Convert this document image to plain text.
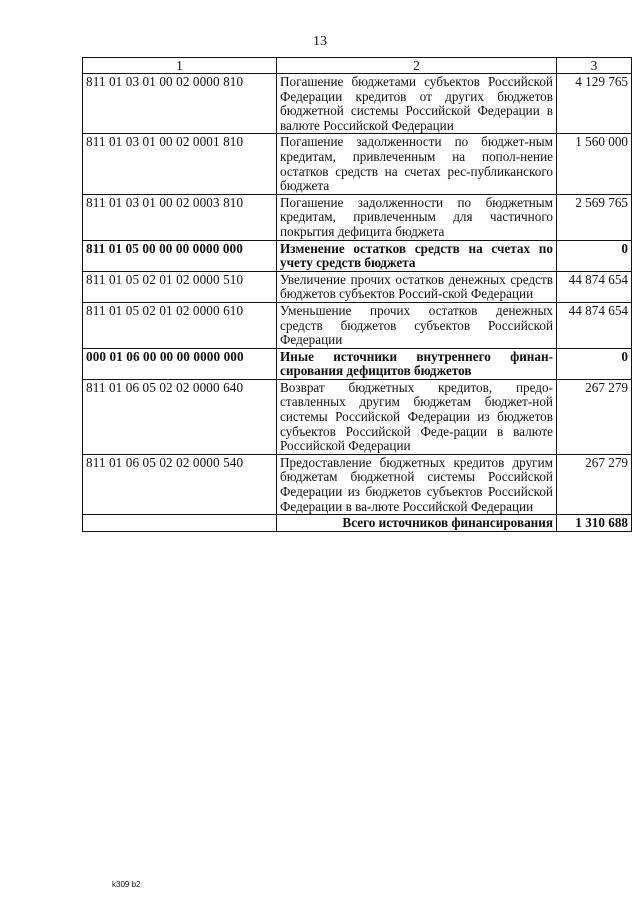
13
1	2	3
811 01 03 01 00 02 0000 810	Погашение бюджетами субъектов Российской Федерации кредитов от других бюджетов бюджетной системы Российской Федерации в валюте Российской Федерации	4 129 765
811 01 03 01 00 02 0001 810	Погашение задолженности по бюджет-ным кредитам, привлеченным на попол-нение остатков средств на счетах рес-публиканского бюджета	1 560 000
811 01 03 01 00 02 0003 810	Погашение задолженности по бюджетным кредитам, привлеченным для частичного покрытия дефицита бюджета	2 569 765
811 01 05 00 00 00 0000 000	Изменение остатков средств на счетах по учету средств бюджета	0
811 01 05 02 01 02 0000 510	Увеличение прочих остатков денежных средств бюджетов субъектов Россий-ской Федерации	44 874 654
811 01 05 02 01 02 0000 610	Уменьшение прочих остатков денежных средств бюджетов субъектов Российской Федерации	44 874 654
000 01 06 00 00 00 0000 000	Иные источники внутреннего финан-сирования дефицитов бюджетов	0
811 01 06 05 02 02 0000 640	Возврат бюджетных кредитов, предо-ставленных другим бюджетам бюджет-ной системы Российской Федерации из бюджетов субъектов Российской Феде-рации в валюте Российской Федерации	267 279
811 01 06 05 02 02 0000 540	Предоставление бюджетных кредитов другим бюджетам бюджетной системы Российской Федерации из бюджетов субъектов Российской Федерации в ва-люте Российской Федерации	267 279
	Всего источников финансирования	1 310 688
k309 b2
